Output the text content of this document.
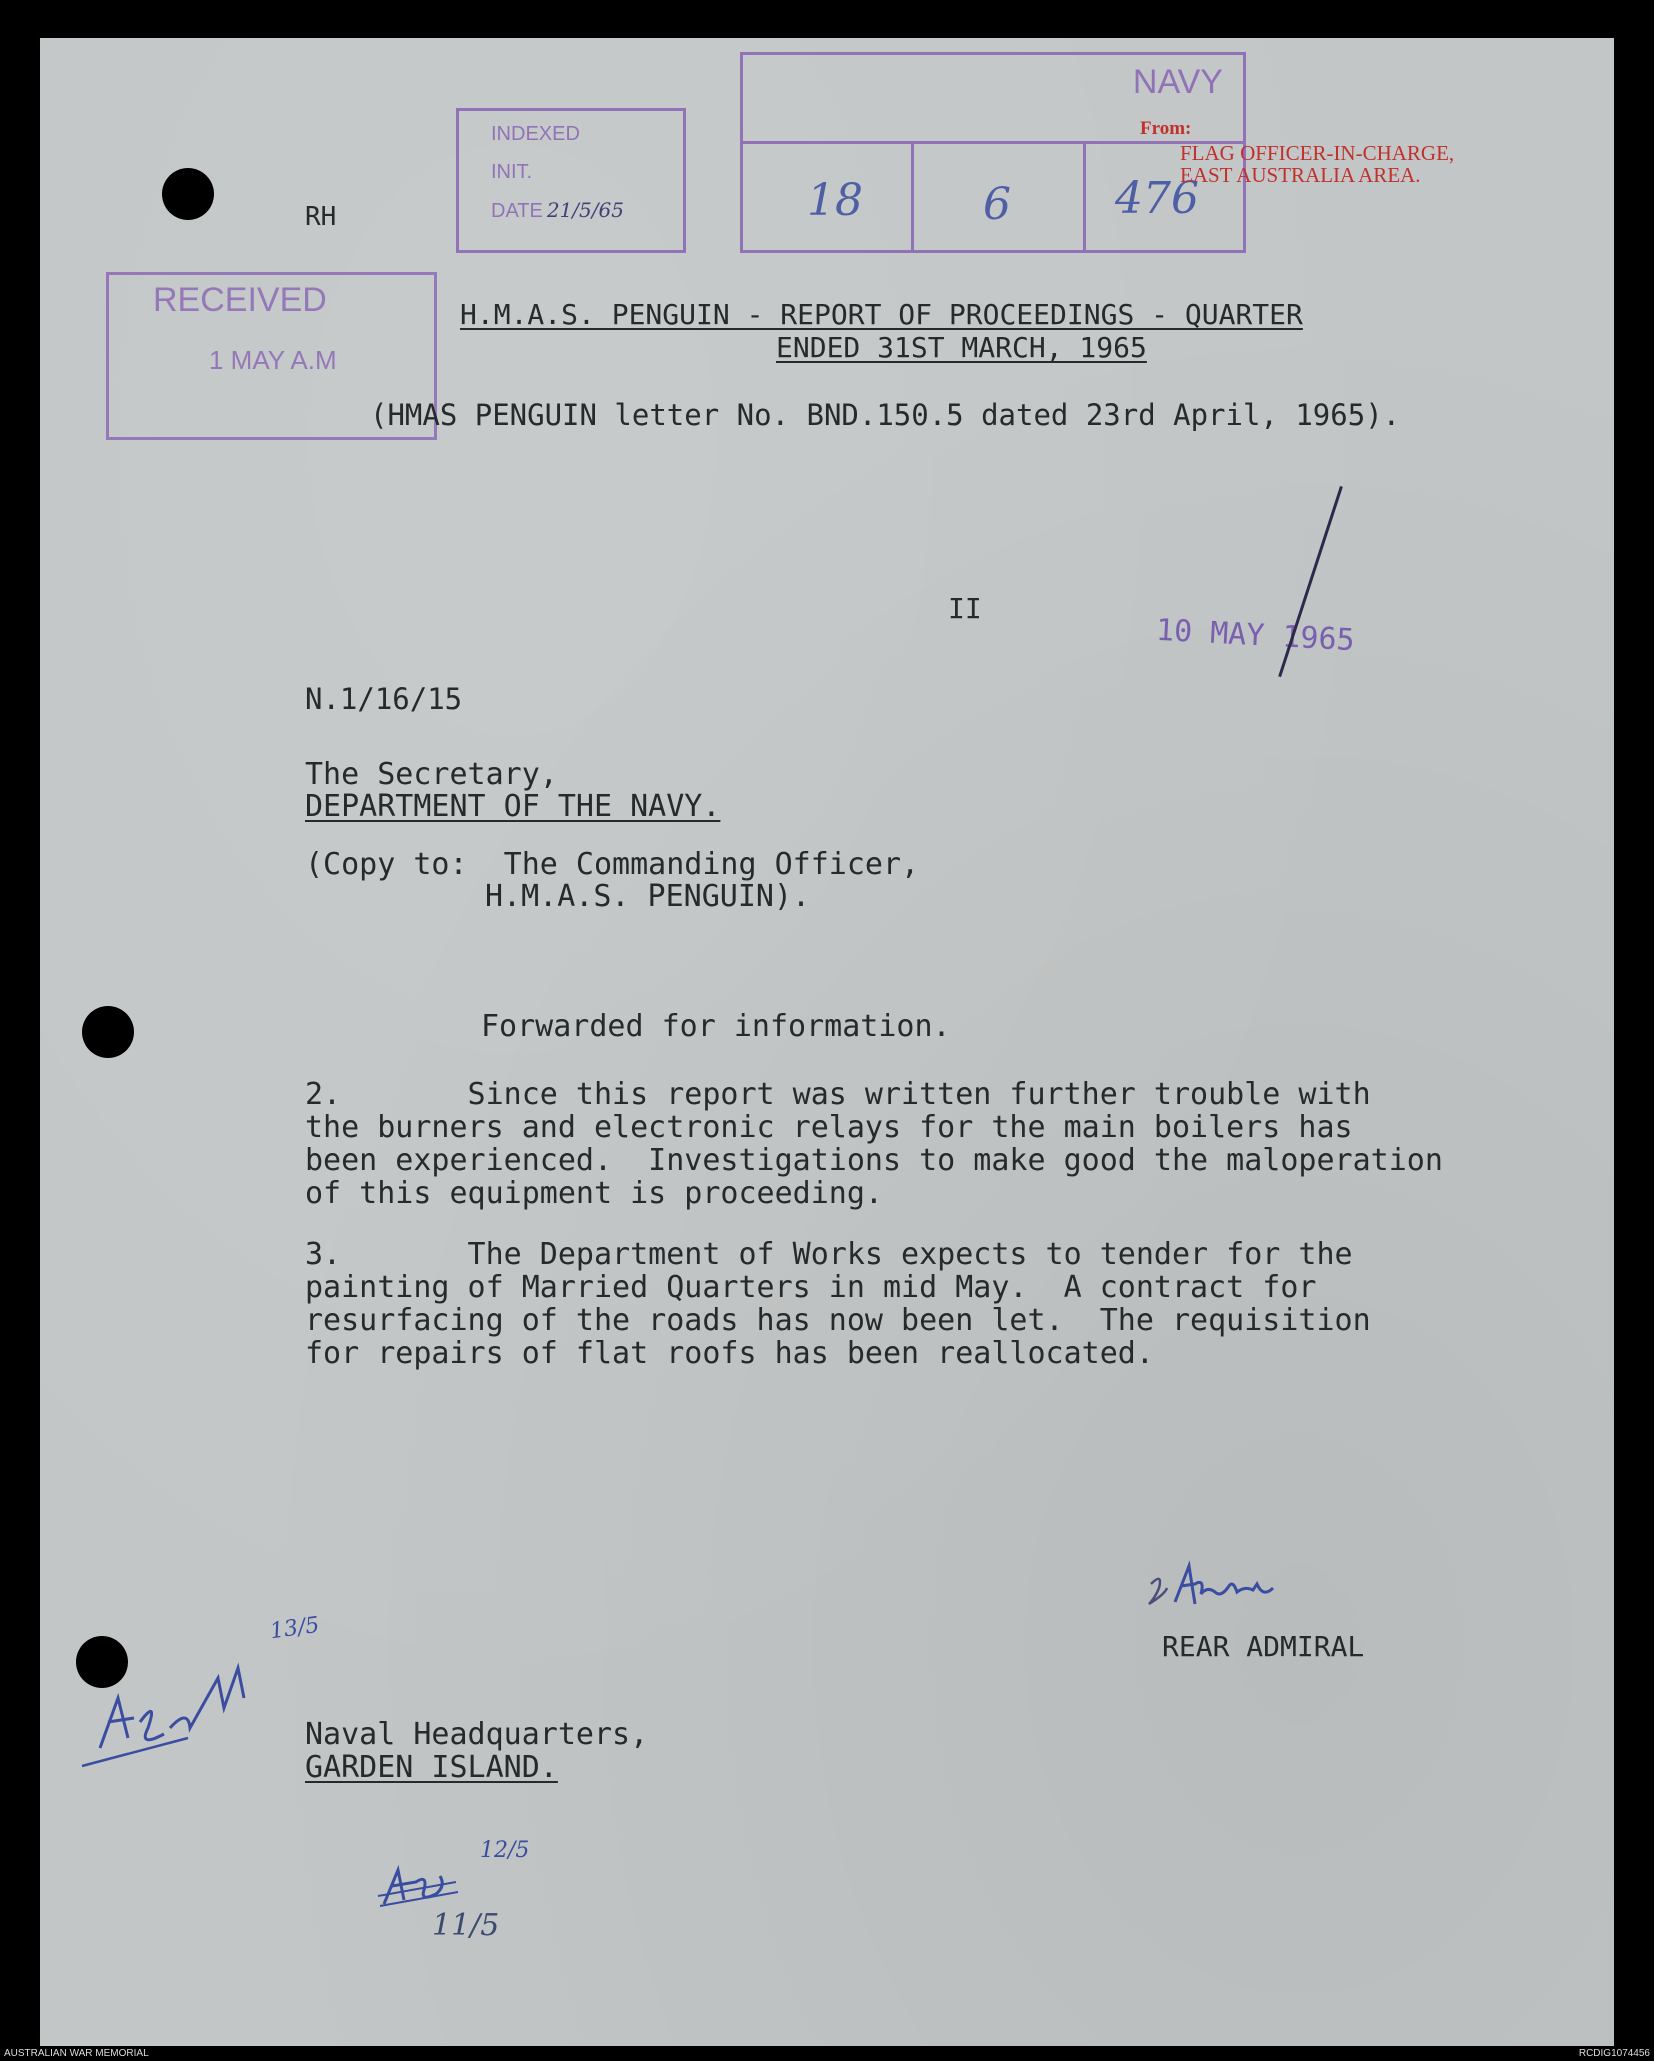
RH
INDEXED
INIT.
DATE 21/5/65
RECEIVED
1 MAY A.M
NAVY
18	6 476
From:
FLAG OFFICER-IN-CHARGE,
EAST AUSTRALIA AREA.
H.M.A.S. PENGUIN - REPORT OF PROCEEDINGS - QUARTER
ENDED 31ST MARCH, 1965
(HMAS PENGUIN letter No. BND.150.5 dated 23rd April, 1965).
II
10 MAY 1965
N.1/16/15
The Secretary,
DEPARTMENT OF THE NAVY.
(Copy to:  The Commanding Officer,
H.M.A.S. PENGUIN).
Forwarded for information.
2.       Since this report was written further trouble with
the burners and electronic relays for the main boilers has
been experienced.  Investigations to make good the maloperation
of this equipment is proceeding.
3.       The Department of Works expects to tender for the
painting of Married Quarters in mid May.  A contract for
resurfacing of the roads has now been let.  The requisition
for repairs of flat roofs has been reallocated.
REAR ADMIRAL
Naval Headquarters,
GARDEN ISLAND.
13/5
12/5
11/5
AUSTRALIAN WAR MEMORIAL	RCDIG1074456
